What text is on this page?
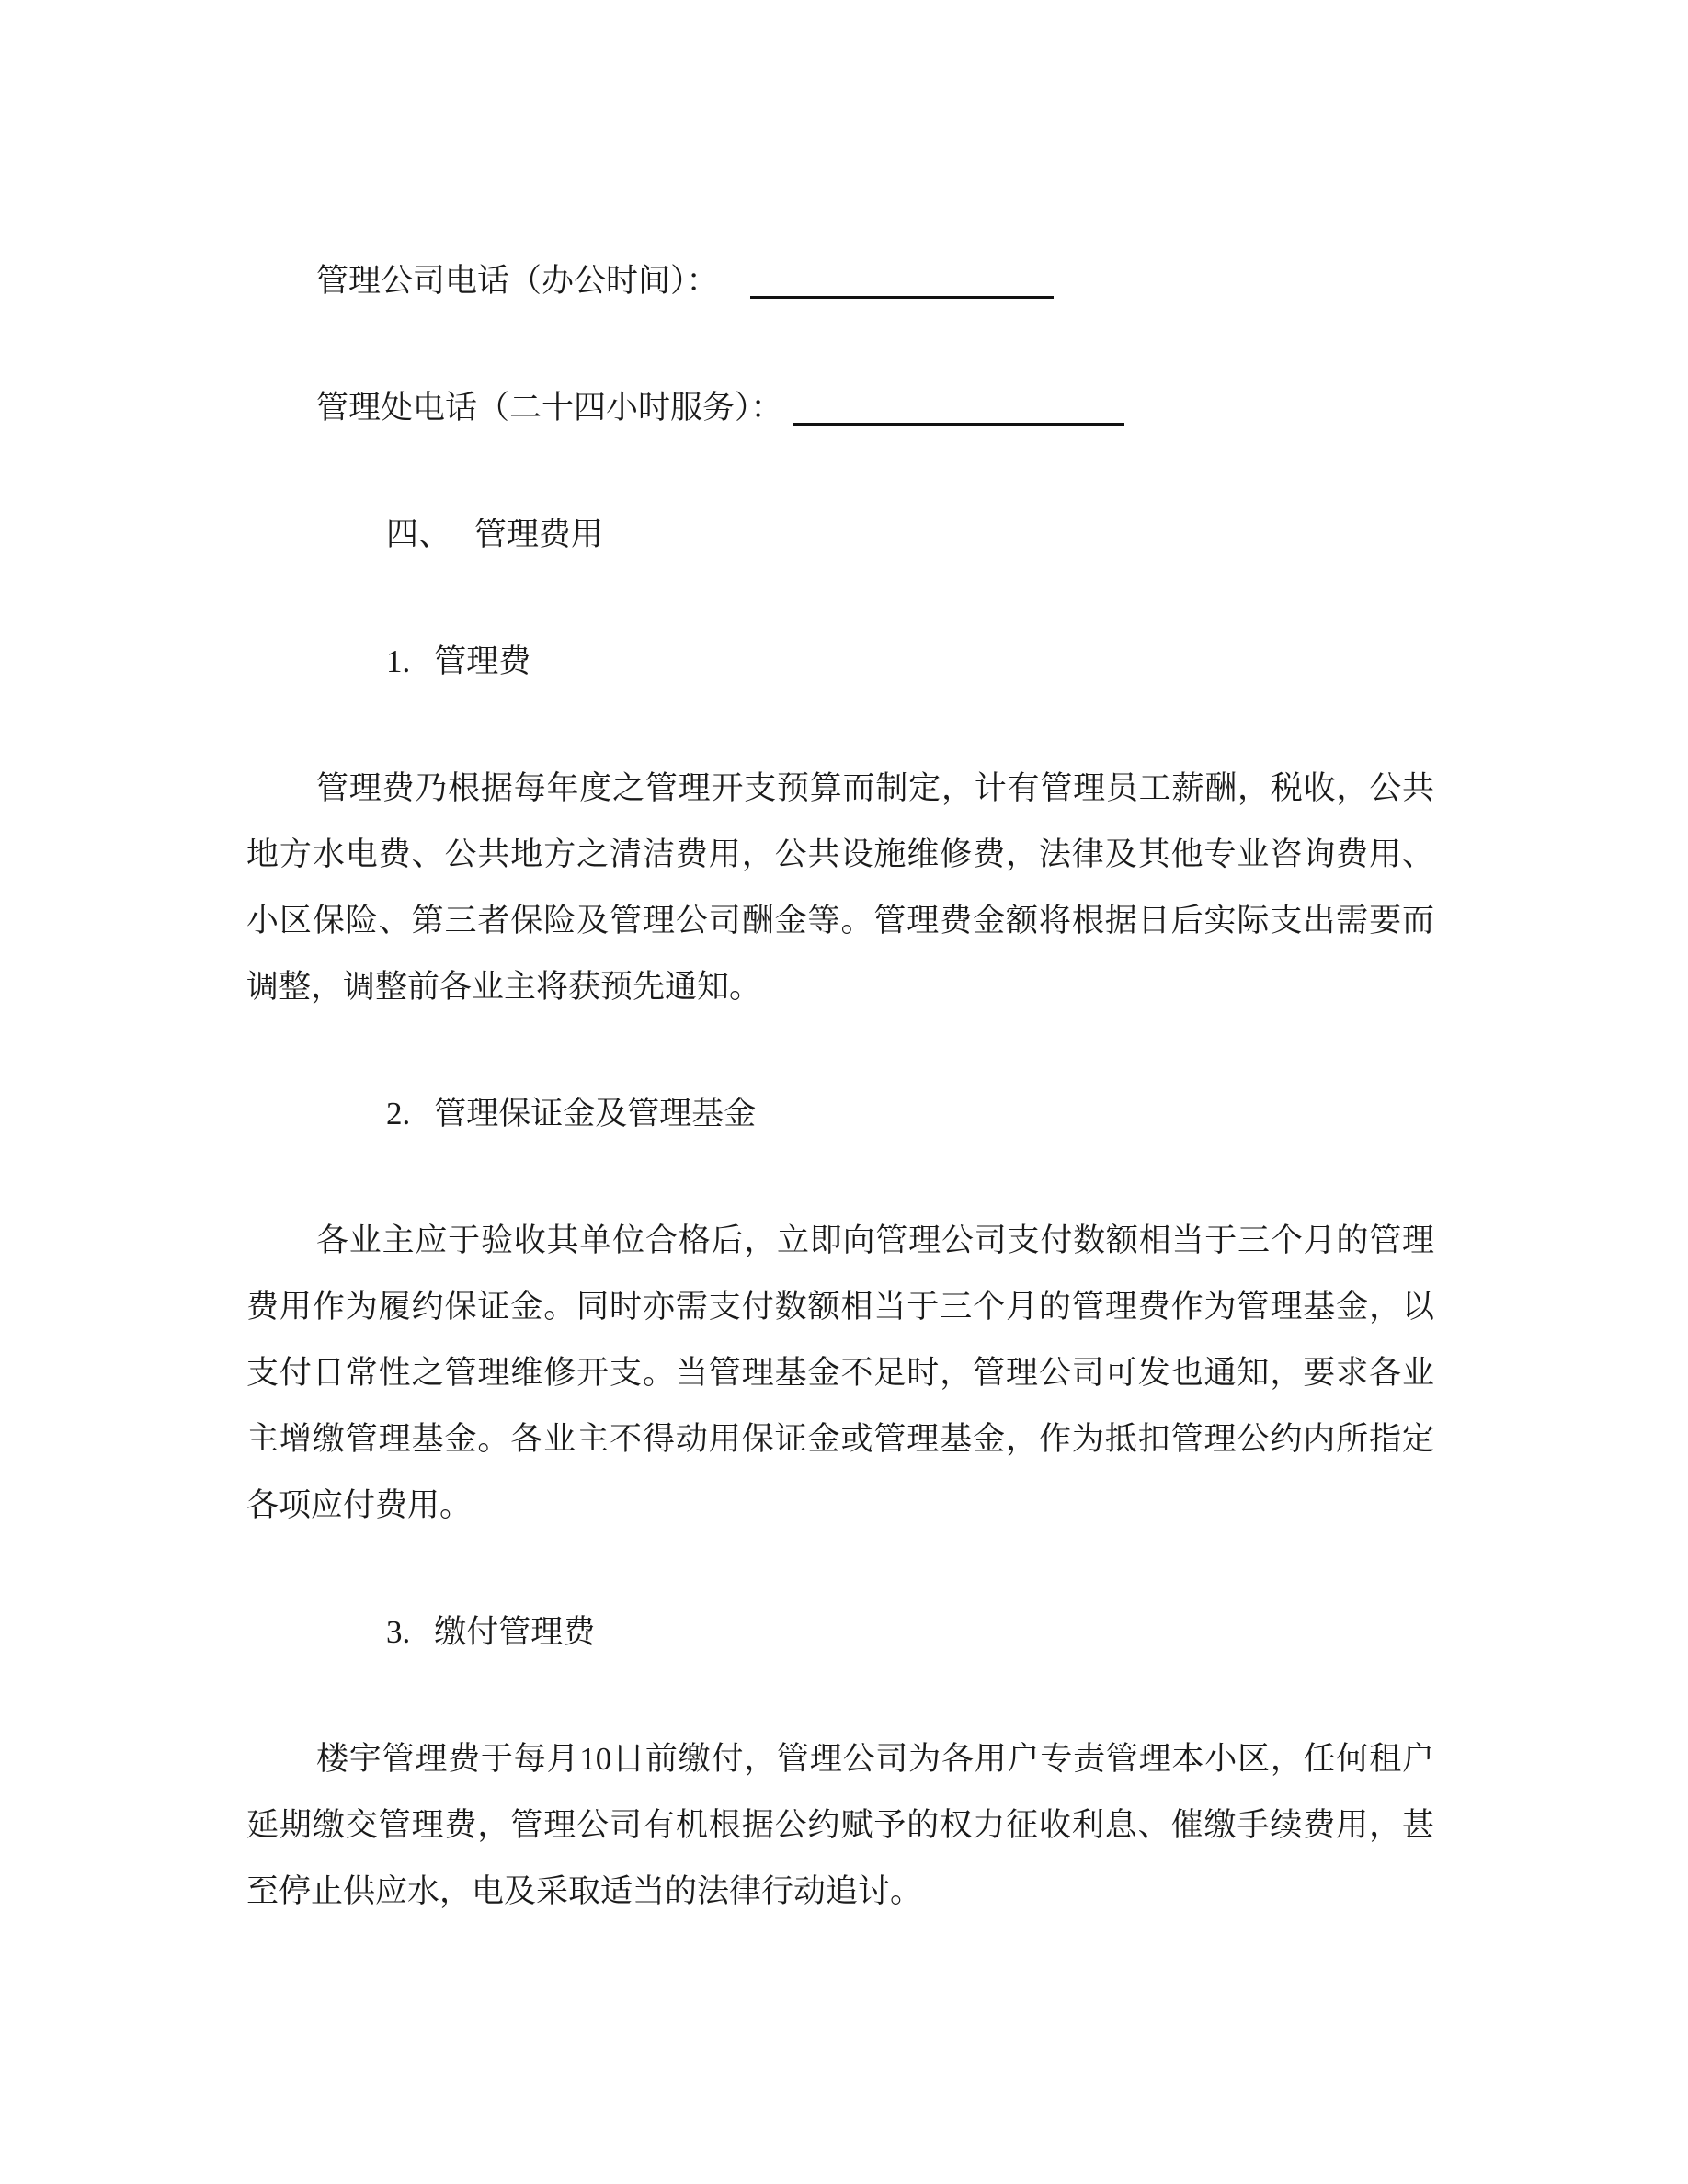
管理公司电话（办公时间）：
管理处电话（二十四小时服务）：
四、 管理费用
1. 管理费
管理费乃根据每年度之管理开支预算而制定，计有管理员工薪酬，税收，公共地方水电费、公共地方之清洁费用，公共设施维修费，法律及其他专业咨询费用、小区保险、第三者保险及管理公司酬金等。管理费金额将根据日后实际支出需要而调整，调整前各业主将获预先通知。
2. 管理保证金及管理基金
各业主应于验收其单位合格后，立即向管理公司支付数额相当于三个月的管理费用作为履约保证金。同时亦需支付数额相当于三个月的管理费作为管理基金，以支付日常性之管理维修开支。当管理基金不足时，管理公司可发也通知，要求各业主增缴管理基金。各业主不得动用保证金或管理基金，作为抵扣管理公约内所指定各项应付费用。
3. 缴付管理费
楼宇管理费于每月10日前缴付，管理公司为各用户专责管理本小区，任何租户延期缴交管理费，管理公司有机根据公约赋予的权力征收利息、催缴手续费用，甚至停止供应水，电及采取适当的法律行动追讨。
